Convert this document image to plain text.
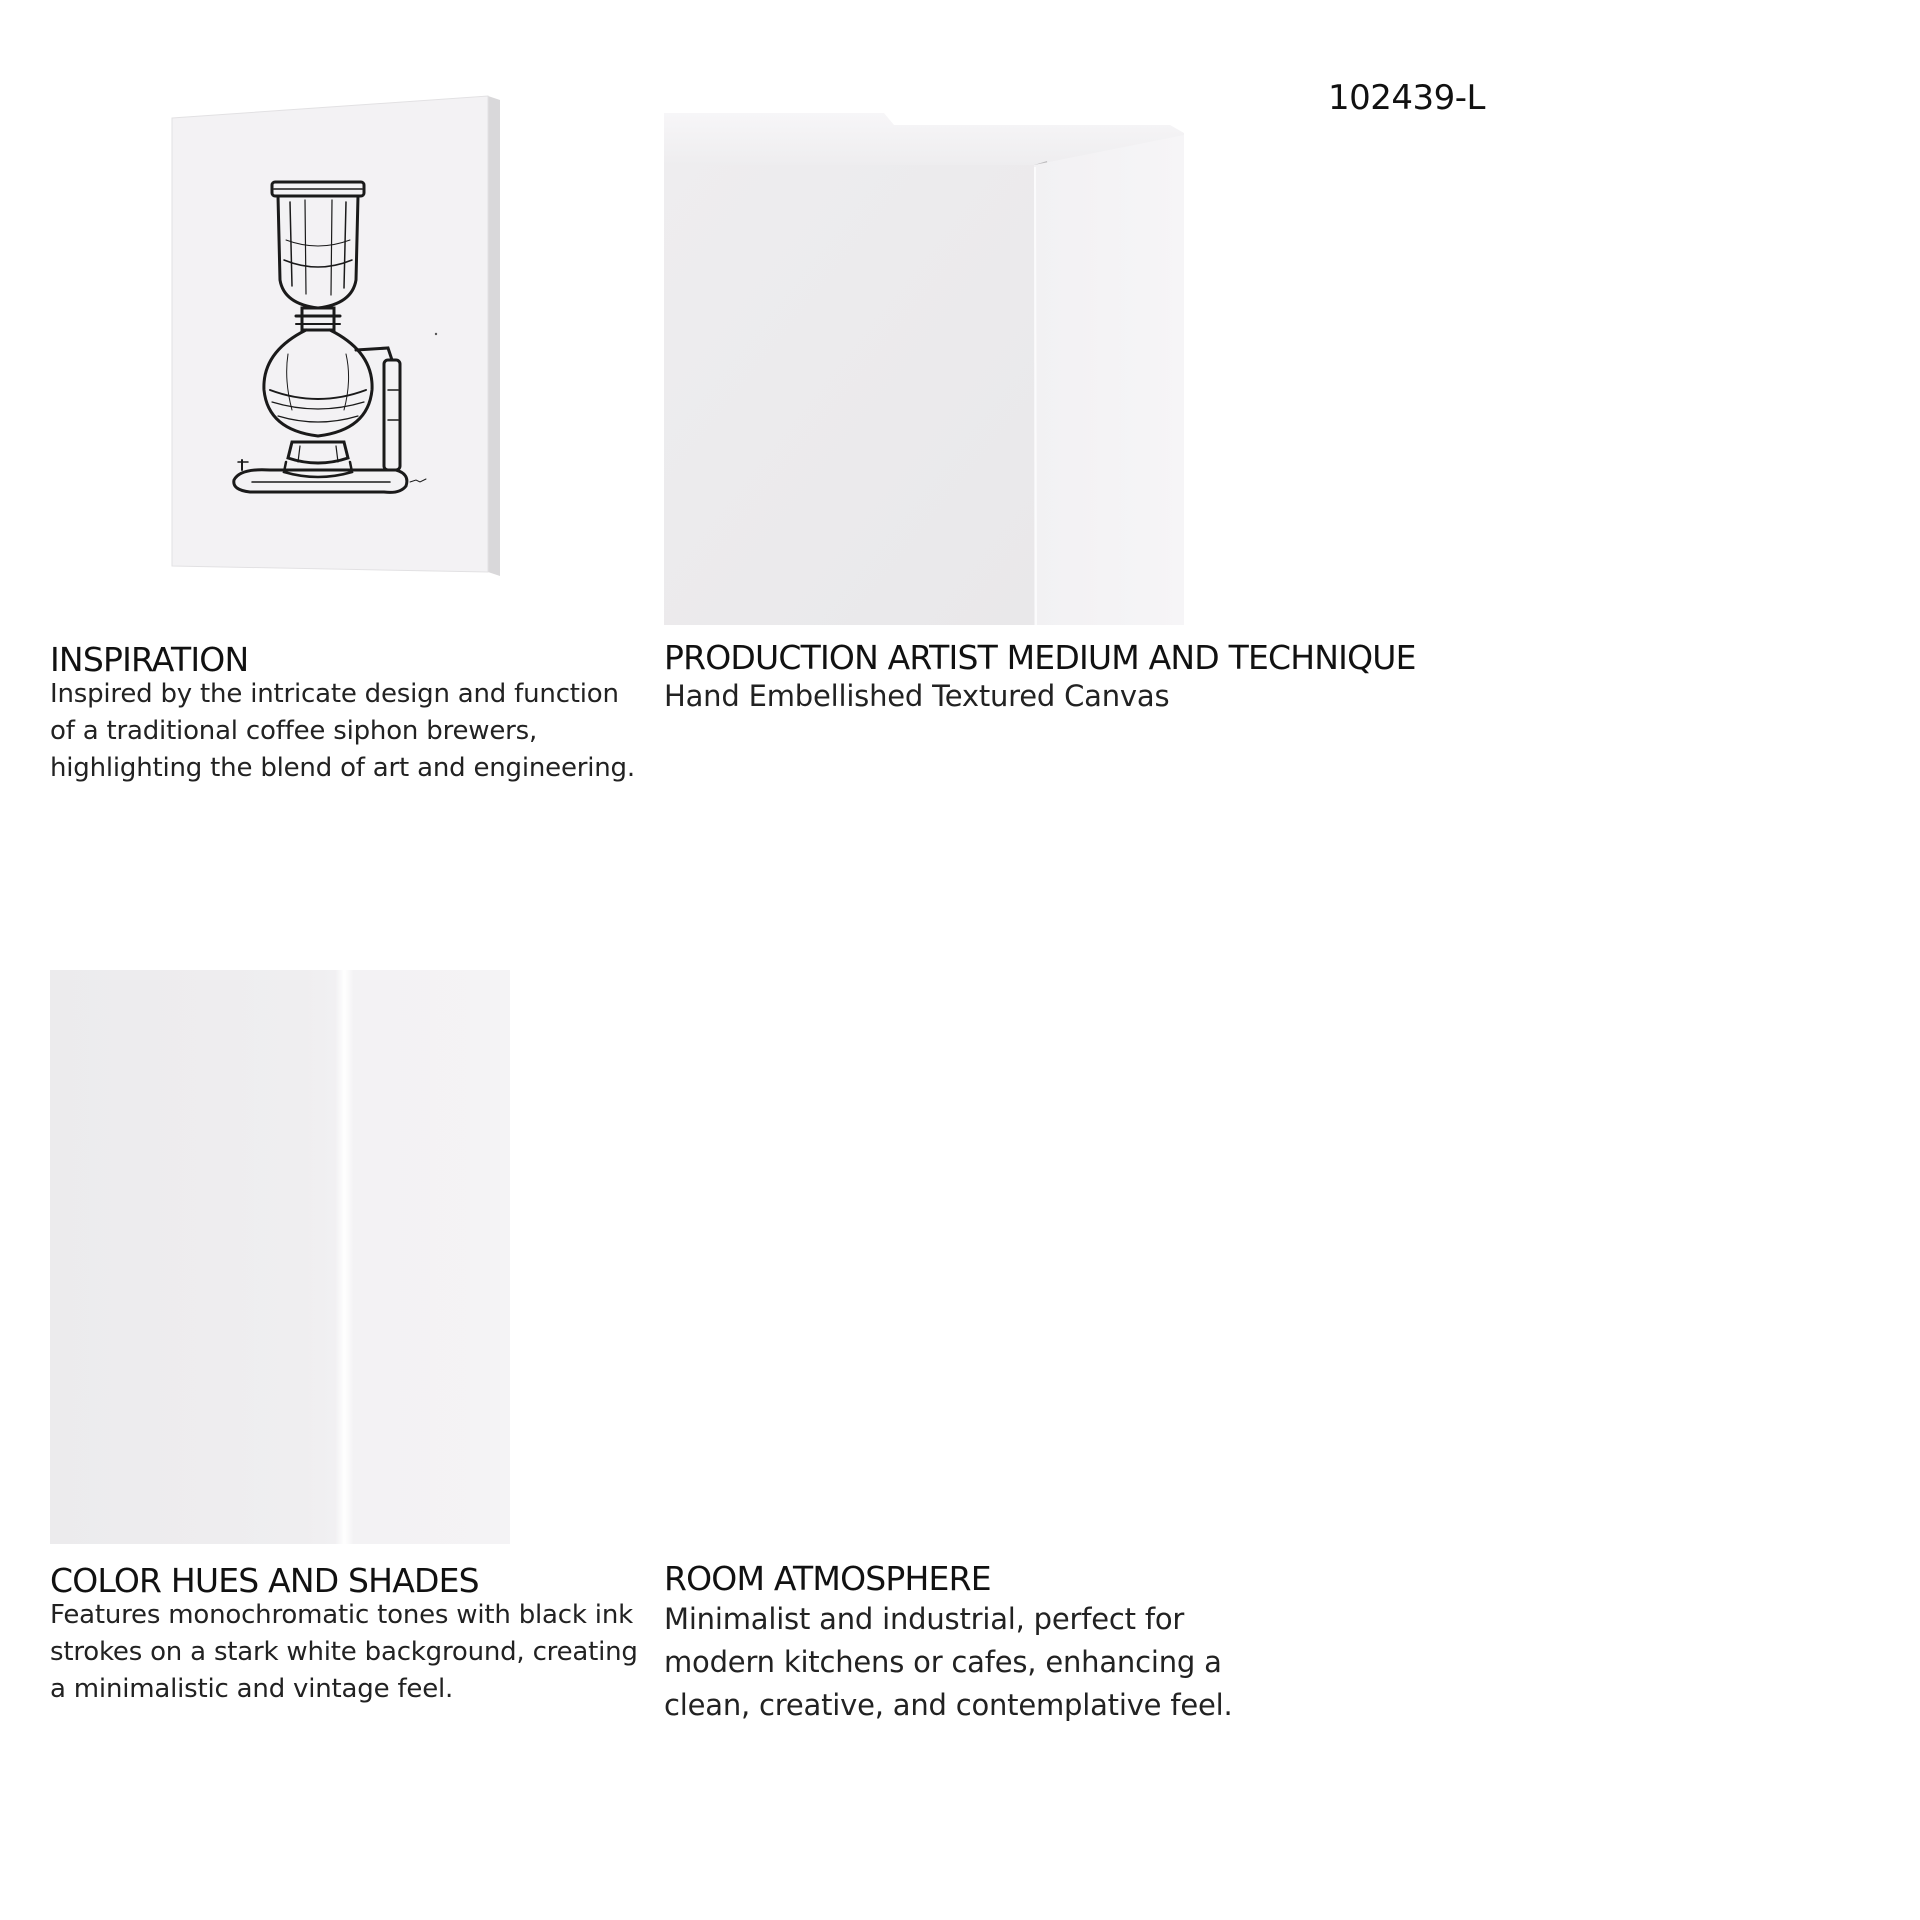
102439-L
INSPIRATION
Inspired by the intricate design and function
of a traditional coffee siphon brewers,
highlighting the blend of art and engineering.
PRODUCTION ARTIST MEDIUM AND TECHNIQUE
Hand Embellished Textured Canvas
COLOR HUES AND SHADES
Features monochromatic tones with black ink
strokes on a stark white background, creating
a minimalistic and vintage feel.
ROOM ATMOSPHERE
Minimalist and industrial, perfect for
modern kitchens or cafes, enhancing a
clean, creative, and contemplative feel.
